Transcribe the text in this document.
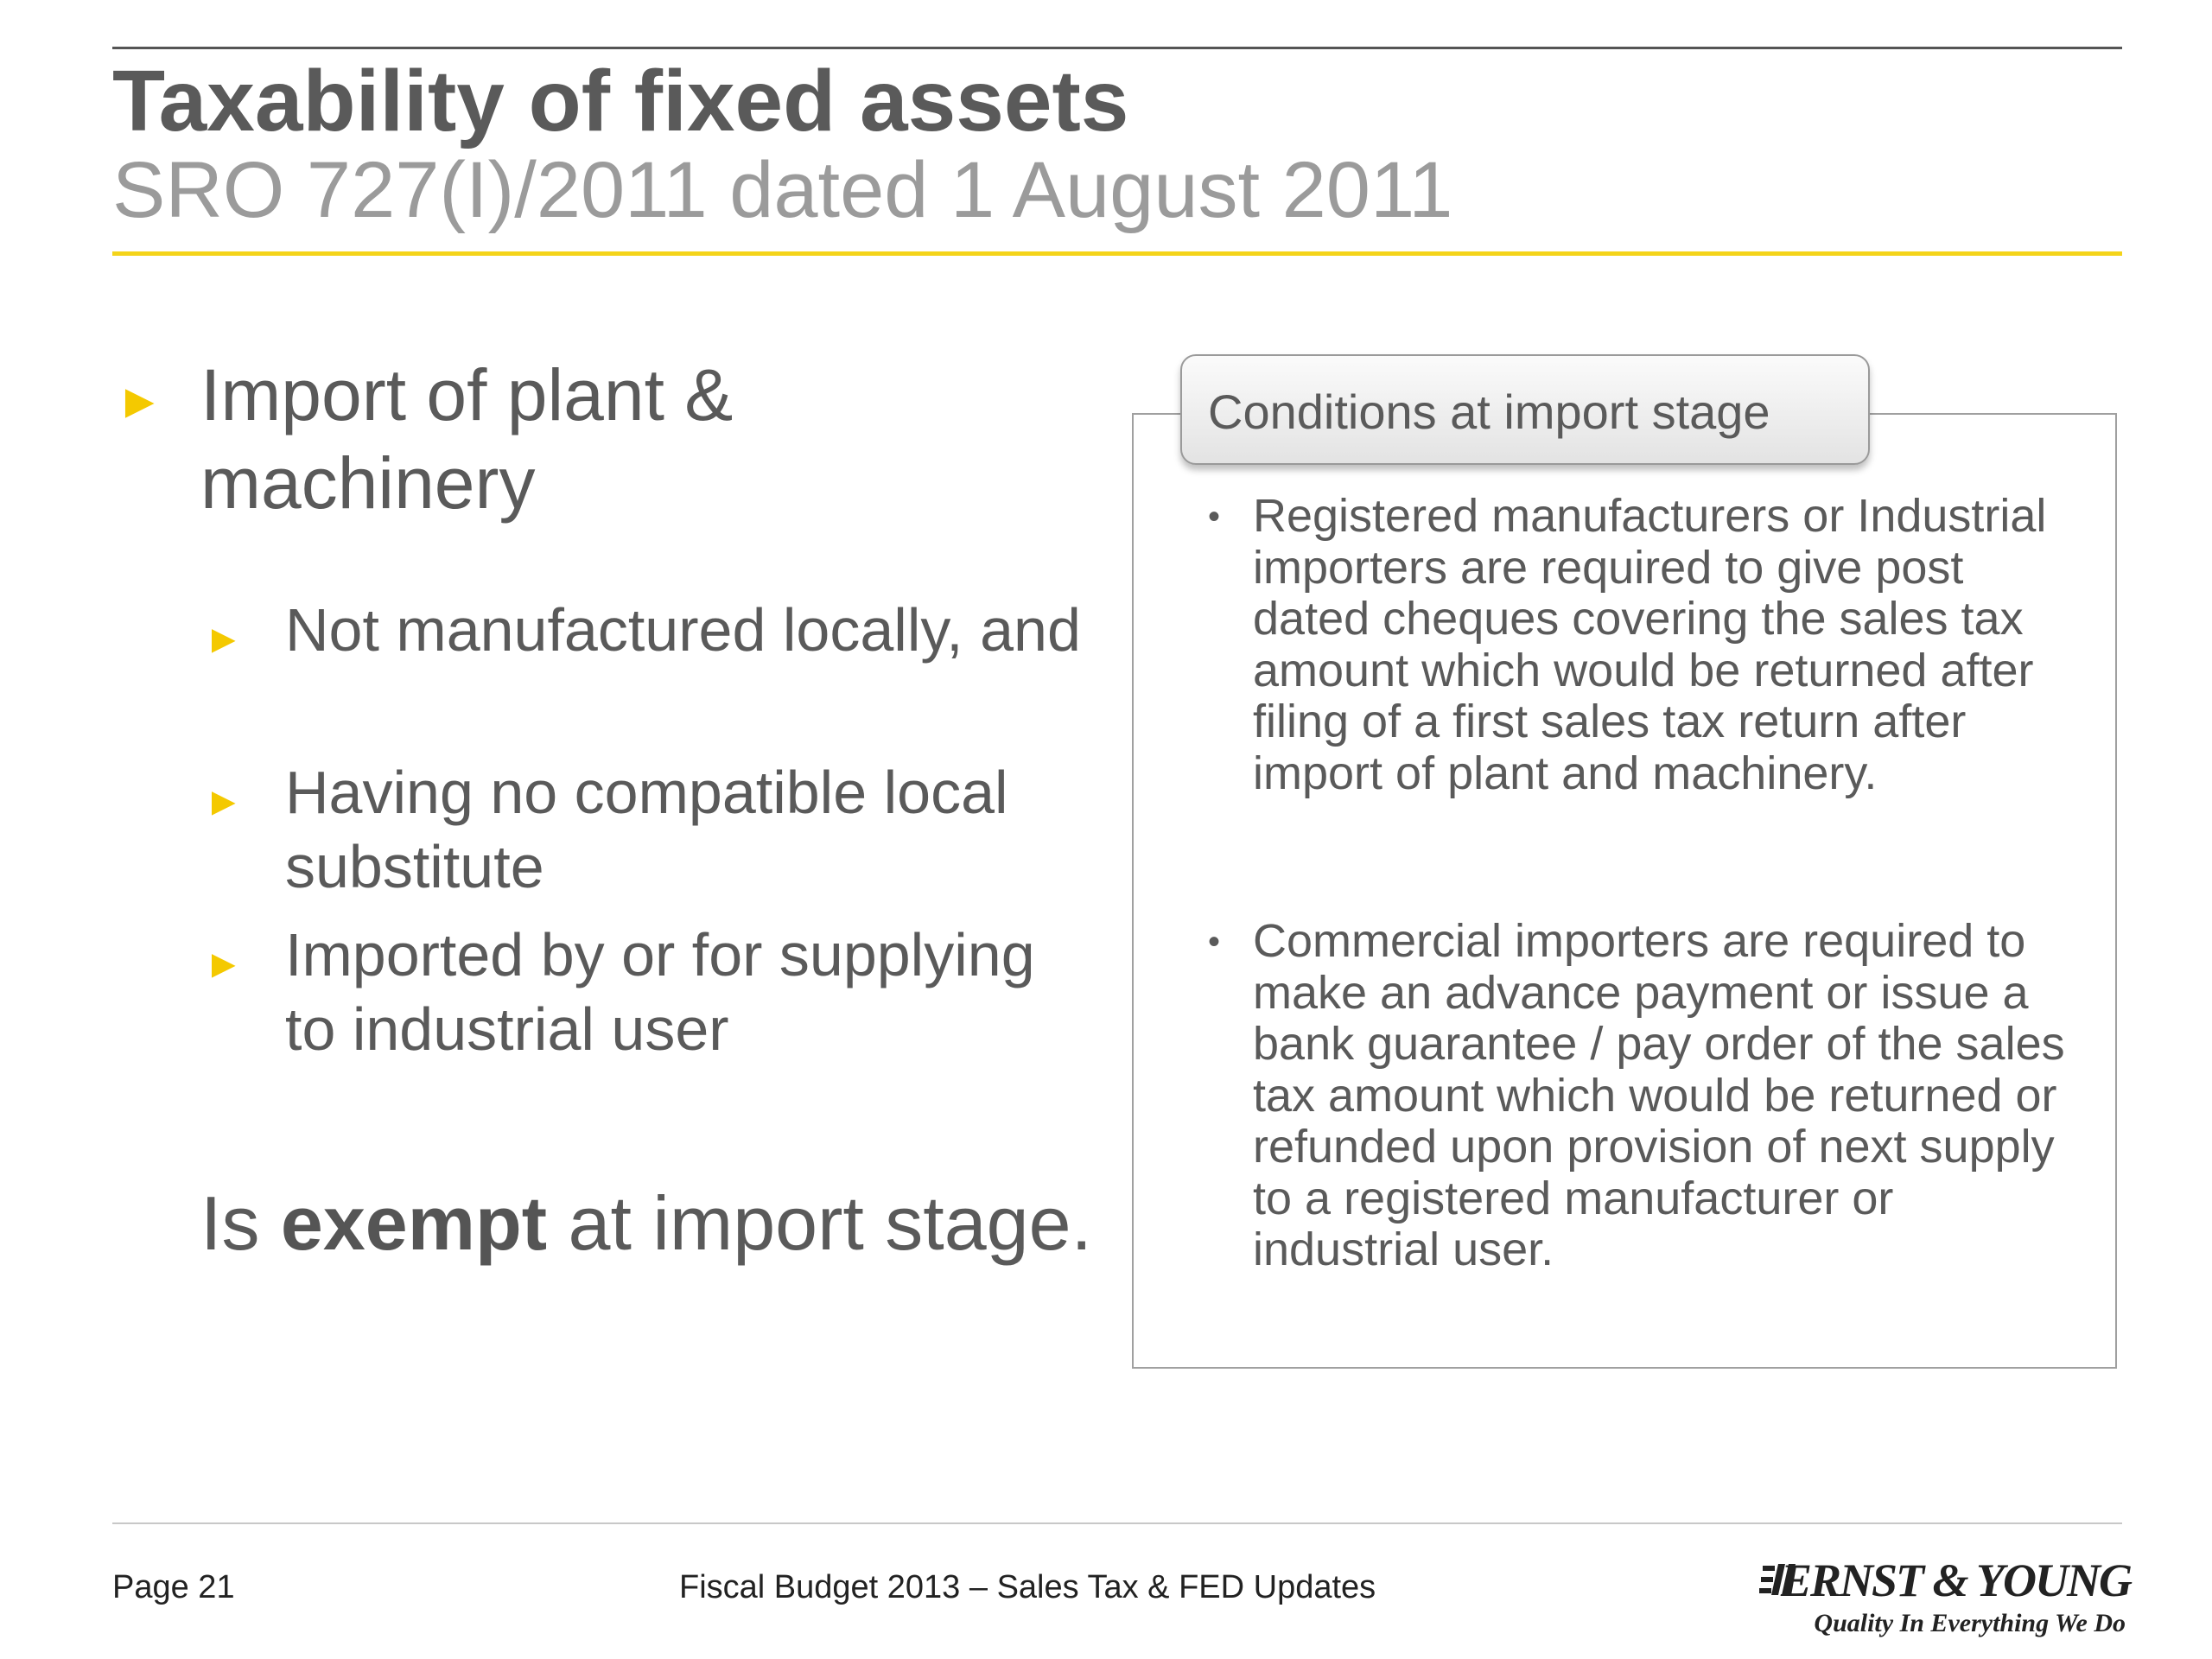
Taxability of fixed assets
SRO 727(I)/2011 dated 1 August 2011
► Import of plant & machinery
► Not manufactured locally, and
► Having no compatible local substitute
► Imported by or for supplying to industrial user
Is exempt at import stage.
Conditions at import stage
• Registered manufacturers or Industrial importers are required to give post dated cheques covering the sales tax amount which would be returned after filing of a first sales tax return after import of plant and machinery.
• Commercial importers are required to make an advance payment or issue a bank guarantee / pay order of the sales tax amount which would be returned or refunded upon provision of next supply to a registered manufacturer or industrial user.
Page 21	Fiscal Budget 2013 – Sales Tax & FED Updates	ERNST & YOUNG
Quality In Everything We Do
